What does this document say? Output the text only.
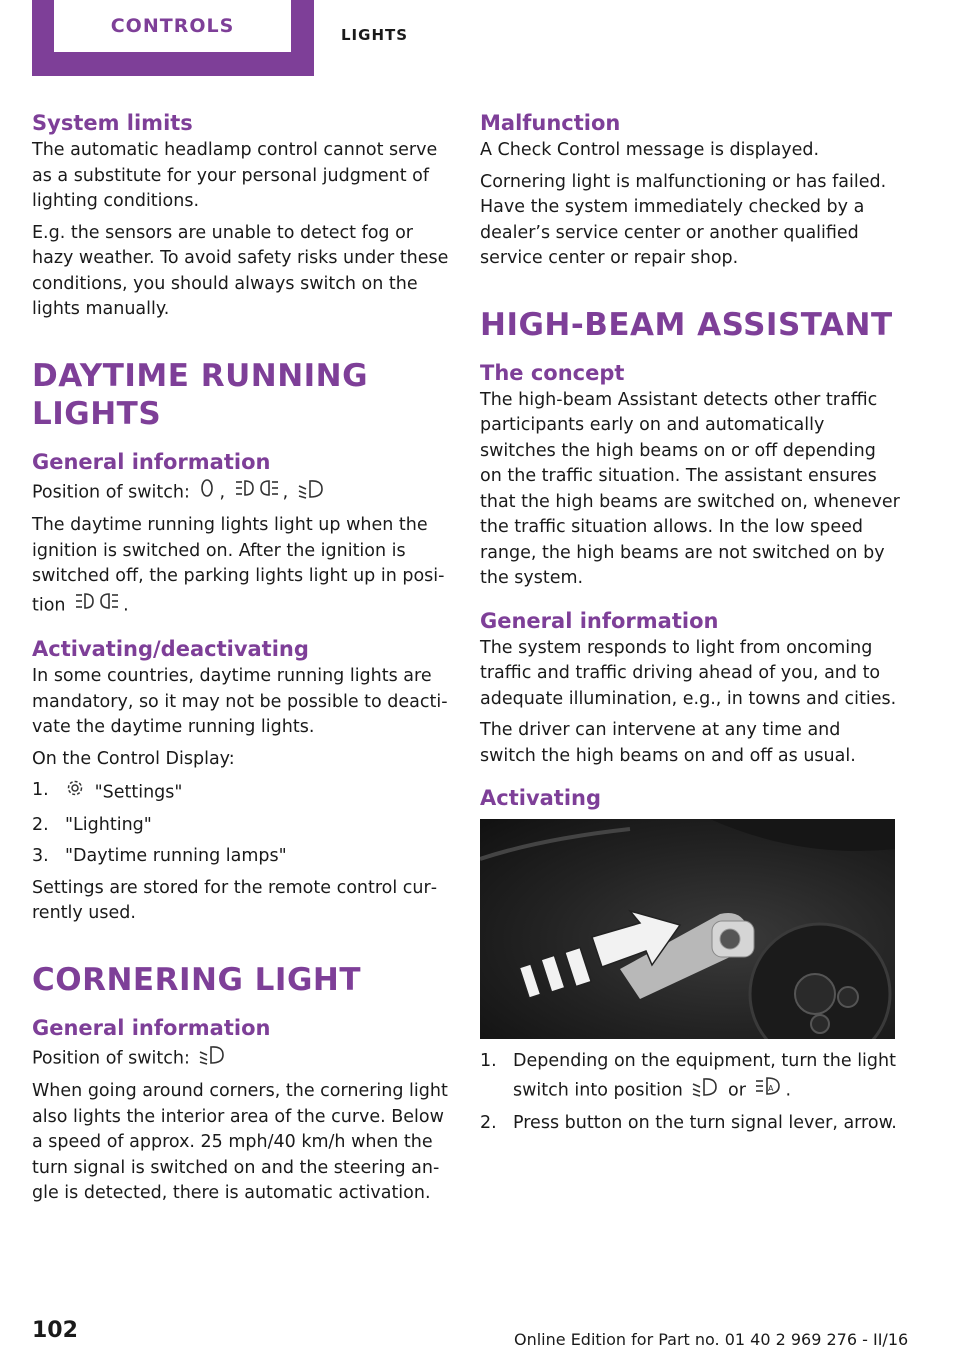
CONTROLS	LIGHTS
System limits

The automatic headlamp control cannot serve as a substitute for your personal judgment of lighting conditions.

E.g. the sensors are unable to detect fog or hazy weather. To avoid safety risks under these conditions, you should always switch on the lights manually.

DAYTIME RUNNING LIGHTS
General information

Position of switch: ,	,

The daytime running lights light up when the ignition is switched on. After the ignition is switched off, the parking lights light up in posi‐ tion	.

Activating/deactivating

In some countries, daytime running lights are mandatory, so it may not be possible to deacti‐ vate the daytime running lights.

On the Control Display:

1.	"Settings"
2. "Lighting"
3. "Daytime running lamps"

Settings are stored for the remote control cur‐ rently used.

CORNERING LIGHT
General information

Position of switch:

When going around corners, the cornering light also lights the interior area of the curve. Below a speed of approx. 25 mph/40 km/h when the turn signal is switched on and the steering an‐ gle is detected, there is automatic activation.

Malfunction

A Check Control message is displayed.

Cornering light is malfunctioning or has failed. Have the system immediately checked by a dealer’s service center or another qualified service center or repair shop.

HIGH-BEAM ASSISTANT
The concept

The high-beam Assistant detects other traffic participants early on and automatically switches the high beams on or off depending on the traffic situation. The assistant ensures that the high beams are switched on, whenever the traffic situation allows. In the low speed range, the high beams are not switched on by the system.

General information

The system responds to light from oncoming traffic and traffic driving ahead of you, and to adequate illumination, e.g., in towns and cities.

The driver can intervene at any time and switch the high beams on and off as usual.

Activating
1. Depending on the equipment, turn the light switch into position	or	A .
2. Press button on the turn signal lever, arrow.
102	Online Edition for Part no. 01 40 2 969 276 - II/16
